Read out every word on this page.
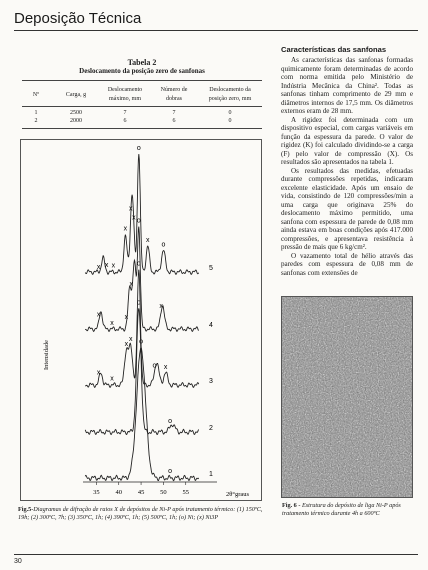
Deposição Técnica
Tabela 2
Deslocamento da posição zero de sanfonas
Nº	Carga, g
Deslocamento máximo, mm
Número de dobras
Deslocamento da posição zero, mm
1	2500	7	7	0
2	2000	6	6	0
2θ°graus
Intensidade
35 40 45 50 55
o
o	1
o
o
2
x
x
x
x
o
o x
3
x
x
x
x
o
x
4
x x x
x
x
x
o
x
o
5
Fig.5-Diagramas de difração de raios X de depósitos de Ni-P após tratamento térmico: (1) 150ºC, 19h; (2) 300ºC, 7h; (3) 350ºC, 1h; (4) 390ºC, 1h; (5) 500ºC, 1h; (o) Ni; (x) Ni3P
Características das sanfonas

As características das sanfonas formadas quimicamente foram determinadas de acordo com norma emitida pelo Ministério de Indústria Mecânica da China². Todas as sanfonas tinham comprimento de 29 mm e diâmetros internos de 17,5 mm. Os diâmetros externos eram de 28 mm.

A rigidez foi determinada com um dispositivo especial, com cargas variáveis em função da espessura da parede. O valor de rigidez (K) foi calculado dividindo-se a carga (F) pelo valor de compressão (X). Os resultados são apresentados na tabela 1.

Os resultados das medidas, efetuadas durante compressões repetidas, indicaram excelente elasticidade. Após um ensaio de vida, consistindo de 120 compressões/min a uma carga que originava 25% do deslocamento máximo permitido, uma sanfona com espessura de parede de 0,08 mm ainda estava em boas condições após 417.000 compressões, e apresentava resistência à pressão de mais que 6 kg/cm².

O vazamento total de hélio através das paredes com espessura de 0,08 mm de sanfonas com extensões de

Fig. 6 - Estrutura do depósito de liga Ni-P após tratamento térmico durante 4h a 600ºC
30
